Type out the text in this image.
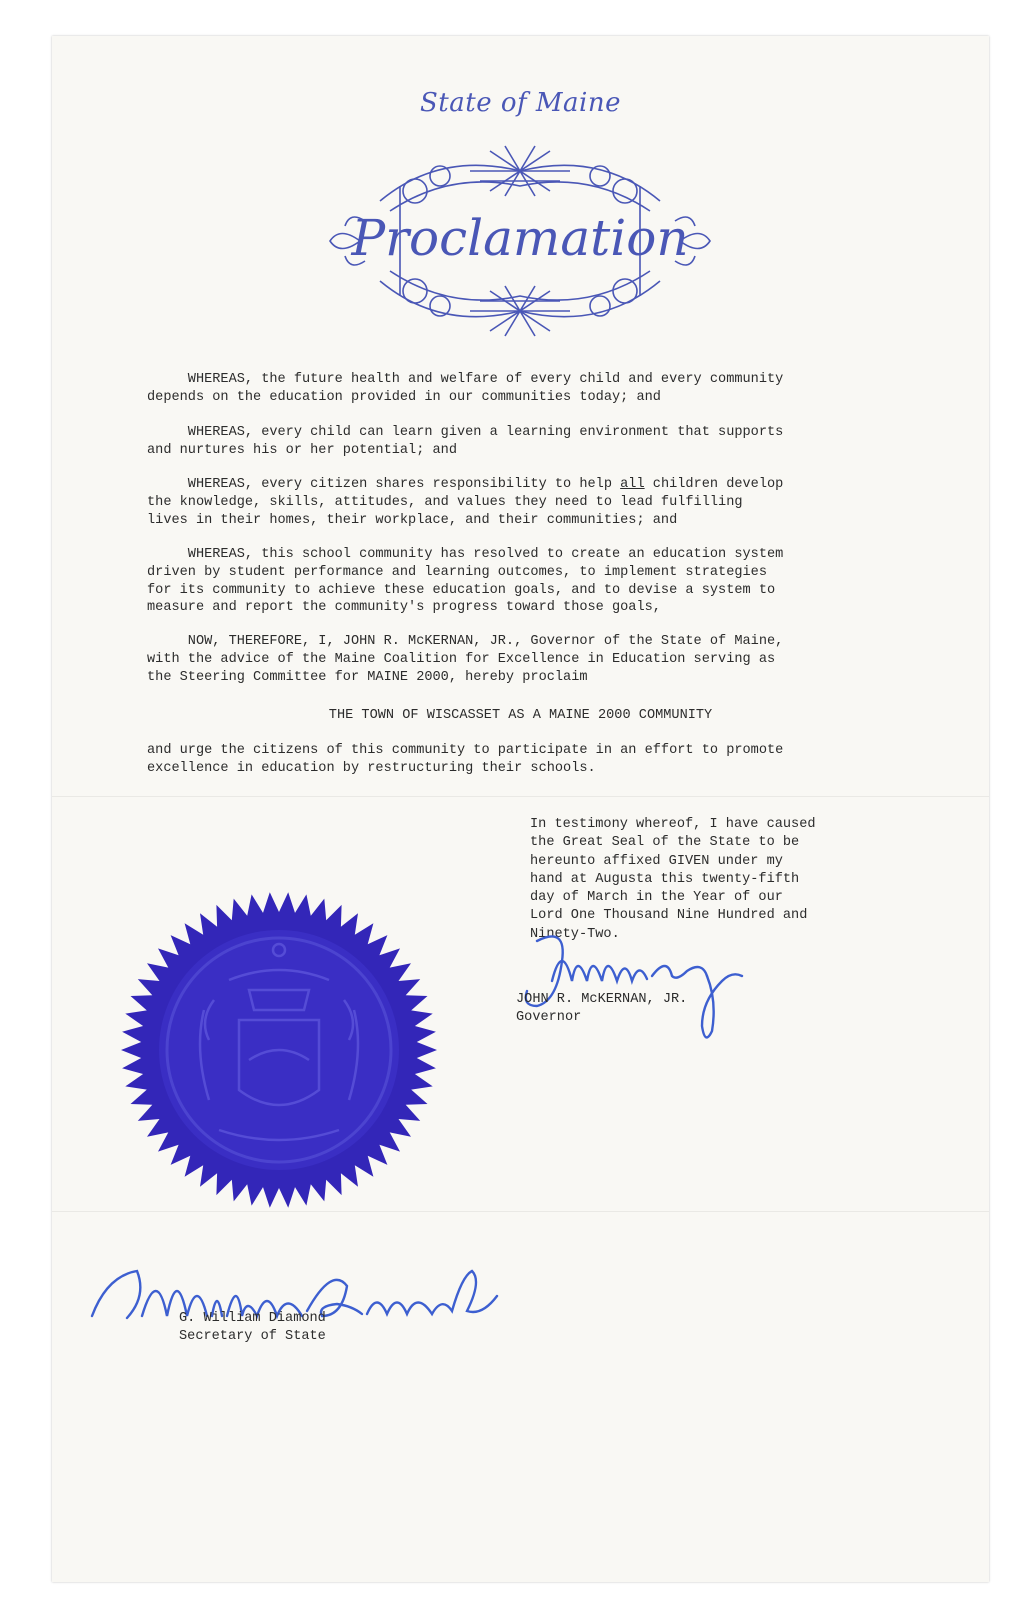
State of Maine
Proclamation
WHEREAS, the future health and welfare of every child and every community
depends on the education provided in our communities today; and
WHEREAS, every child can learn given a learning environment that supports
and nurtures his or her potential; and
WHEREAS, every citizen shares responsibility to help all children develop
the knowledge, skills, attitudes, and values they need to lead fulfilling
lives in their homes, their workplace, and their communities; and
WHEREAS, this school community has resolved to create an education system
driven by student performance and learning outcomes, to implement strategies
for its community to achieve these education goals, and to devise a system to
measure and report the community's progress toward those goals,
NOW, THEREFORE, I, JOHN R. McKERNAN, JR., Governor of the State of Maine,
with the advice of the Maine Coalition for Excellence in Education serving as
the Steering Committee for MAINE 2000, hereby proclaim
THE TOWN OF WISCASSET AS A MAINE 2000 COMMUNITY
and urge the citizens of this community to participate in an effort to promote
excellence in education by restructuring their schools.
In testimony whereof, I have caused
the Great Seal of the State to be
hereunto affixed GIVEN under my
hand at Augusta this twenty-fifth
day of March in the Year of our
Lord One Thousand Nine Hundred and
Ninety-Two.
JOHN R. McKERNAN, JR.
Governor
G. William Diamond
Secretary of State
